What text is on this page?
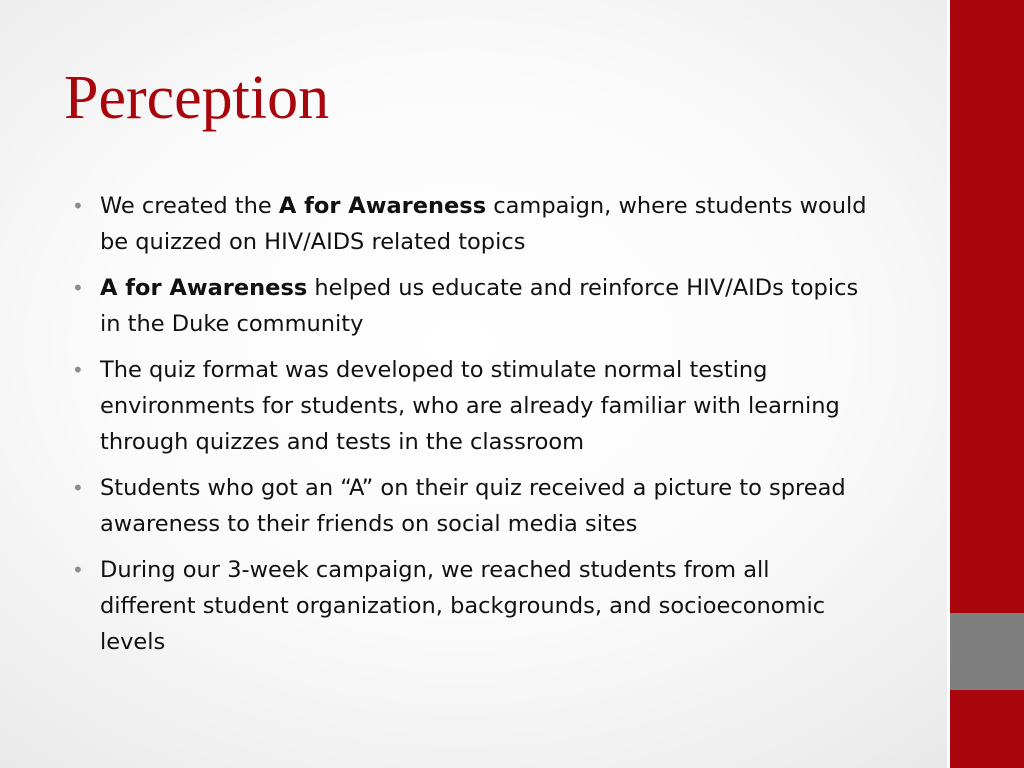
Perception
• We created the A for Awareness campaign, where students would be quizzed on HIV/AIDS related topics
• A for Awareness helped us educate and reinforce HIV/AIDs topics in the Duke community
• The quiz format was developed to stimulate normal testing environments for students, who are already familiar with learning through quizzes and tests in the classroom
• Students who got an “A” on their quiz received a picture to spread awareness to their friends on social media sites
• During our 3-week campaign, we reached students from all different student organization, backgrounds, and socioeconomic levels
